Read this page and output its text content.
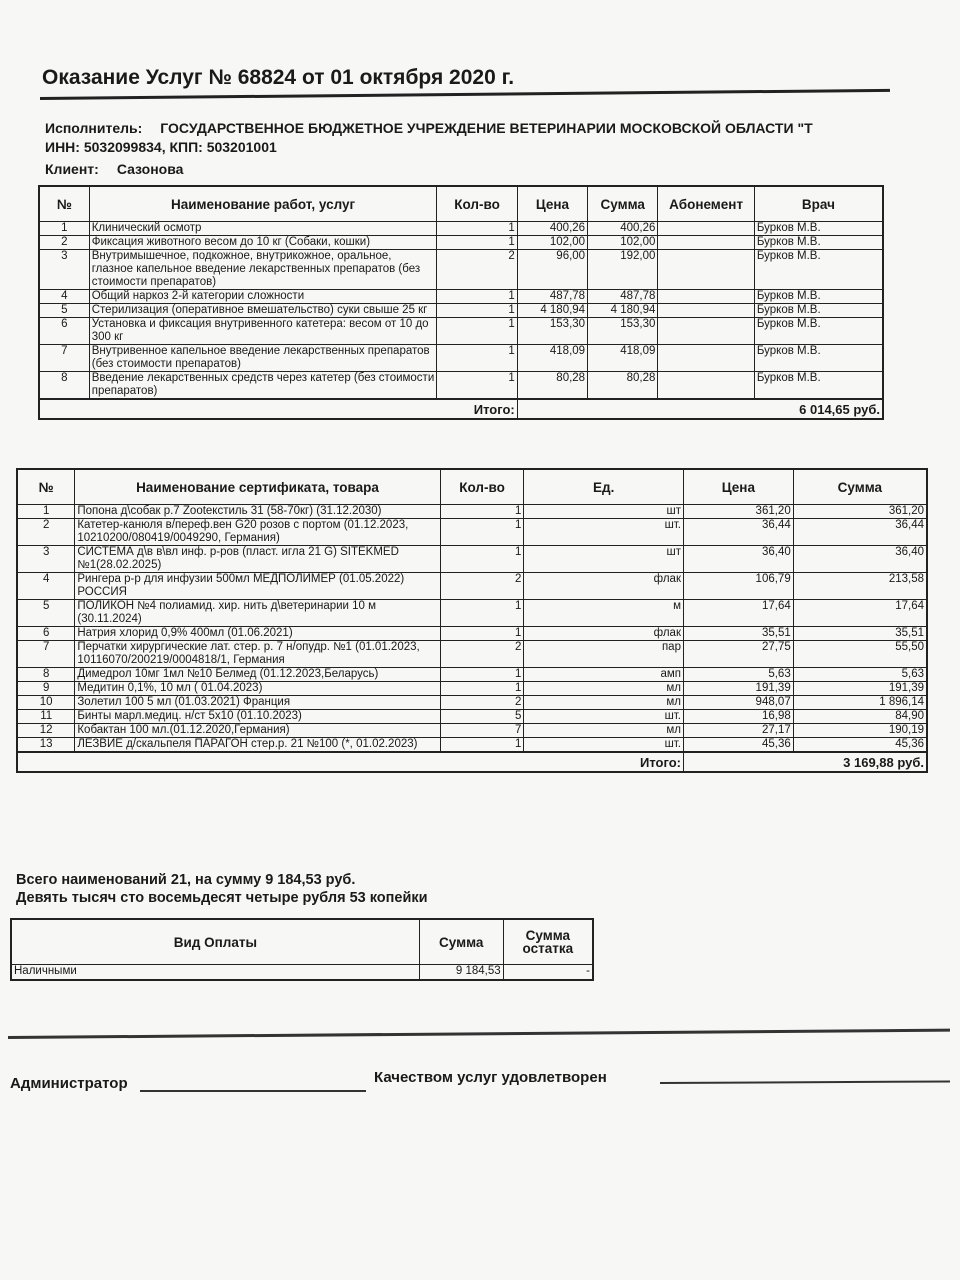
Оказание Услуг № 68824 от 01 октября 2020 г.
Исполнитель: ГОСУДАРСТВЕННОЕ БЮДЖЕТНОЕ УЧРЕЖДЕНИЕ ВЕТЕРИНАРИИ МОСКОВСКОЙ ОБЛАСТИ "Т
ИНН: 5032099834, КПП: 503201001
Клиент: Сазонова
№	Наименование работ, услуг	Кол-во	Цена	Сумма	Абонемент	Врач
1	Клинический осмотр	1	400,26	400,26		Бурков М.В.
2	Фиксация животного весом до 10 кг (Собаки, кошки)	1	102,00	102,00		Бурков М.В.
3	Внутримышечное, подкожное, внутрикожное, оральное, глазное капельное введение лекарственных препаратов (без стоимости препаратов)	2	96,00	192,00		Бурков М.В.
4	Общий наркоз 2-й категории сложности	1	487,78	487,78		Бурков М.В.
5	Стерилизация (оперативное вмешательство) суки свыше 25 кг	1	4 180,94	4 180,94		Бурков М.В.
6	Установка и фиксация внутривенного катетера: весом от 10 до 300 кг	1	153,30	153,30		Бурков М.В.
7	Внутривенное капельное введение лекарственных препаратов (без стоимости препаратов)	1	418,09	418,09		Бурков М.В.
8	Введение лекарственных средств через катетер (без стоимости препаратов)	1	80,28	80,28		Бурков М.В.
Итого:			6 014,65 руб.			
№	Наименование сертификата, товара	Кол-во	Ед.	Цена	Сумма
1	Попона д\собак р.7 Zootекстиль 31 (58-70кг) (31.12.2030)	1	шт	361,20	361,20
2	Катетер-канюля в/переф.вен G20 розов с портом (01.12.2023, 10210200/080419/0049290, Германия)	1	шт.	36,44	36,44
3	СИСТЕМА д\в в\вл инф. р-ров (пласт. игла 21 G) SITEKMED №1(28.02.2025)	1	шт	36,40	36,40
4	Рингера р-р для инфузии 500мл МЕДПОЛИМЕР (01.05.2022) РОССИЯ	2	флак	106,79	213,58
5	ПОЛИКОН №4 полиамид. хир. нить д\ветеринарии 10 м (30.11.2024)	1	м	17,64	17,64
6	Натрия хлорид 0,9% 400мл (01.06.2021)	1	флак	35,51	35,51
7	Перчатки хирургические лат. стер. р. 7 н/опудр. №1 (01.01.2023, 10116070/200219/0004818/1, Германия	2	пар	27,75	55,50
8	Димедрол 10мг 1мл №10 Белмед (01.12.2023,Беларусь)	1	амп	5,63	5,63
9	Медитин 0,1%, 10 мл ( 01.04.2023)	1	мл	191,39	191,39
10	Золетил 100 5 мл (01.03.2021) Франция	2	мл	948,07	1 896,14
11	Бинты марл.медиц. н/ст 5х10 (01.10.2023)	5	шт.	16,98	84,90
12	Кобактан 100 мл.(01.12.2020,Германия)	7	мл	27,17	190,19
13	ЛЕЗВИЕ д/скальпеля ПАРАГОН стер.р. 21 №100 (*, 01.02.2023)	1	шт.	45,36	45,36
Итого:				3 169,88 руб.	
Всего наименований 21, на сумму 9 184,53 руб.
Девять тысяч сто восемьдесят четыре рубля 53 копейки
Вид Оплаты	Сумма	Сумма остатка
Наличными	9 184,53	-
Администратор	Качеством услуг удовлетворен
